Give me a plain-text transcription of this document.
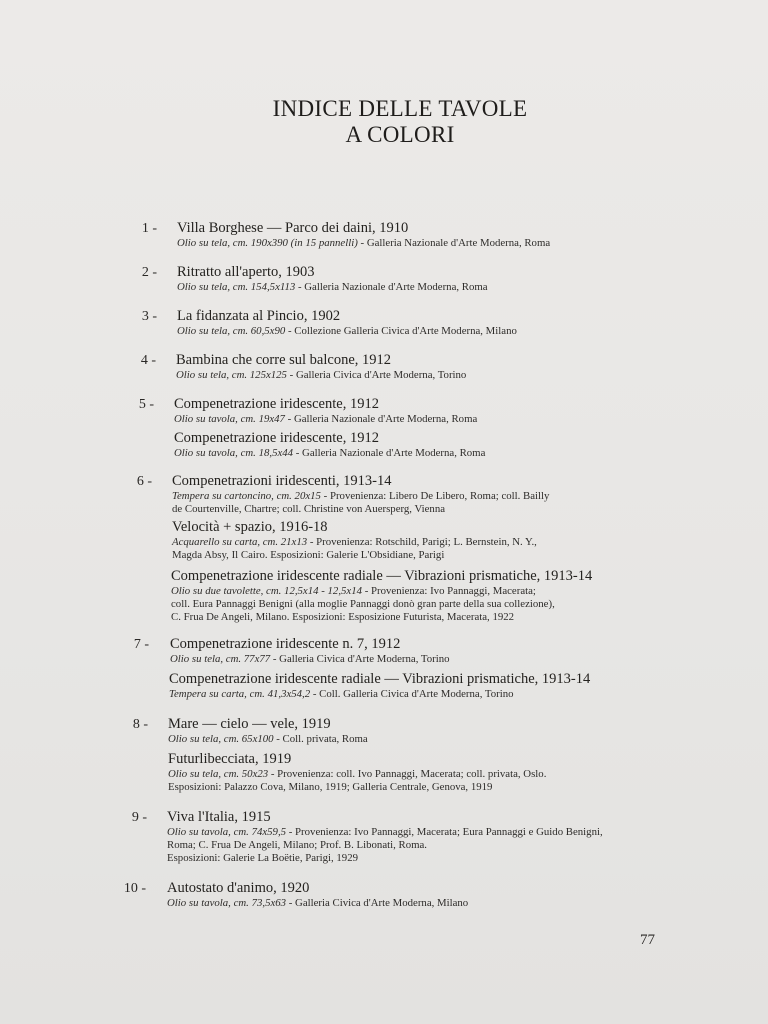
INDICE DELLE TAVOLE
A COLORI
1 - Villa Borghese — Parco dei daini, 1910
Olio su tela, cm. 190x390 (in 15 pannelli) - Galleria Nazionale d'Arte Moderna, Roma
2 - Ritratto all'aperto, 1903
Olio su tela, cm. 154,5x113 - Galleria Nazionale d'Arte Moderna, Roma
3 - La fidanzata al Pincio, 1902
Olio su tela, cm. 60,5x90 - Collezione Galleria Civica d'Arte Moderna, Milano
4 - Bambina che corre sul balcone, 1912
Olio su tela, cm. 125x125 - Galleria Civica d'Arte Moderna, Torino
5 - Compenetrazione iridescente, 1912
Olio su tavola, cm. 19x47 - Galleria Nazionale d'Arte Moderna, Roma
Compenetrazione iridescente, 1912
Olio su tavola, cm. 18,5x44 - Galleria Nazionale d'Arte Moderna, Roma
6 - Compenetrazioni iridescenti, 1913-14
Tempera su cartoncino, cm. 20x15 - Provenienza: Libero De Libero, Roma; coll. Bailly
de Courtenville, Chartre; coll. Christine von Auersperg, Vienna
Velocità + spazio, 1916-18
Acquarello su carta, cm. 21x13 - Provenienza: Rotschild, Parigi; L. Bernstein, N. Y.,
Magda Absy, Il Cairo. Esposizioni: Galerie L'Obsidiane, Parigi
Compenetrazione iridescente radiale — Vibrazioni prismatiche, 1913-14
Olio su due tavolette, cm. 12,5x14 - 12,5x14 - Provenienza: Ivo Pannaggi, Macerata;
coll. Eura Pannaggi Benigni (alla moglie Pannaggi donò gran parte della sua collezione),
C. Frua De Angeli, Milano. Esposizioni: Esposizione Futurista, Macerata, 1922
7 - Compenetrazione iridescente n. 7, 1912
Olio su tela, cm. 77x77 - Galleria Civica d'Arte Moderna, Torino
Compenetrazione iridescente radiale — Vibrazioni prismatiche, 1913-14
Tempera su carta, cm. 41,3x54,2 - Coll. Galleria Civica d'Arte Moderna, Torino
8 - Mare — cielo — vele, 1919
Olio su tela, cm. 65x100 - Coll. privata, Roma
Futurlibecciata, 1919
Olio su tela, cm. 50x23 - Provenienza: coll. Ivo Pannaggi, Macerata; coll. privata, Oslo.
Esposizioni: Palazzo Cova, Milano, 1919; Galleria Centrale, Genova, 1919
9 - Viva l'Italia, 1915
Olio su tavola, cm. 74x59,5 - Provenienza: Ivo Pannaggi, Macerata; Eura Pannaggi e Guido Benigni,
Roma; C. Frua De Angeli, Milano; Prof. B. Libonati, Roma.
Esposizioni: Galerie La Boëtie, Parigi, 1929
10 - Autostato d'animo, 1920
Olio su tavola, cm. 73,5x63 - Galleria Civica d'Arte Moderna, Milano
77
